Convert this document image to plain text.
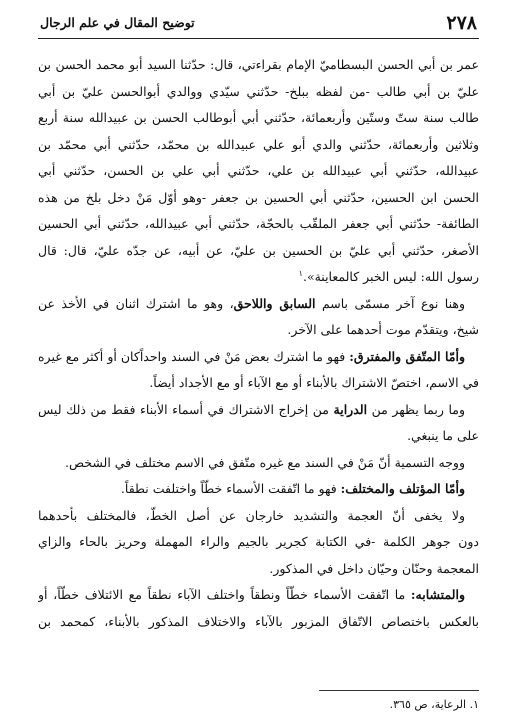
٢٧٨
توضيح المقال في علم الرجال
عمر بن أبي الحسن البسطاميّ الإمام بقراءتي، قال: حدّثنا السيد أبو محمد الحسن بن
عليّ بن أبي طالب -من لفظه ببلخ- حدّثني سيّدي ووالدي أبوالحسن عليّ بن أبي
طالب سنة ستّ وستّين وأربعمائة، حدّثني أبي أبوطالب الحسن بن عبيدالله سنة أربع
وثلاثين وأربعمائة، حدّثني والدي أبو علي عبيدالله بن محمّد، حدّثني أبي محمّد بن
عبيدالله، حدّثني أبي عبيدالله بن علي، حدّثني أبي علي بن الحسن، حدّثني أبي
الحسن ابن الحسين، حدّثني أبي الحسين بن جعفر -وهو أوّل مَنْ دخل بلخ من هذه
الطائفة- حدّثني أبي جعفر الملقّب بالحجّة، حدّثني أبي عبيدالله، حدّثني أبي الحسين
الأصغر، حدّثني أبي عليّ بن الحسين بن عليّ، عن أبيه، عن جدّه عليّ، قال: قال
رسول الله: ليس الخبر كالمعاينة».$^١$
وهنا نوع آخر مسمّى باسم السابق واللاحق، وهو ما اشترك اثنان في الأخذ عن
شيخ، ويتقدّم موت أحدهما على الآخر.
وأمّا المتّفق والمفترق: فهو ما اشترك بعض مَنْ في السند واحداًكان أو أكثر مع غيره
في الاسم، اختصّ الاشتراك بالأبناء أو مع الآباء أو مع الأجداد أيضاً.
وما ربما يظهر من الدراية من إخراج الاشتراك في أسماء الأبناء فقط من ذلك ليس
على ما ينبغي.
ووجه التسمية أنّ مَنْ في السند مع غيره متّفق في الاسم مختلف في الشخص.
وأمّا المؤتلف والمختلف: فهو ما اتّفقت الأسماء خطّاً واختلفت نطقاً.
ولا يخفى أنّ العجمة والتشديد خارجان عن أصل الخطّ، فالمختلف بأحدهما
دون جوهر الكلمة -في الكتابة كجرير بالجيم والراء المهملة وحريز بالحاء والزاي
المعجمة وحنّان وحيّان داخل في المذكور.
والمتشابه: ما اتّفقت الأسماء خطّاً ونطقاً واختلف الآباء نطقاً مع الائتلاف خطّاً، أو
بالعكس باختصاص الاتّفاق المزبور بالآباء والاختلاف المذكور بالأبناء، كمحمد بن
١. الرعاية، ص ٣٦٥.
